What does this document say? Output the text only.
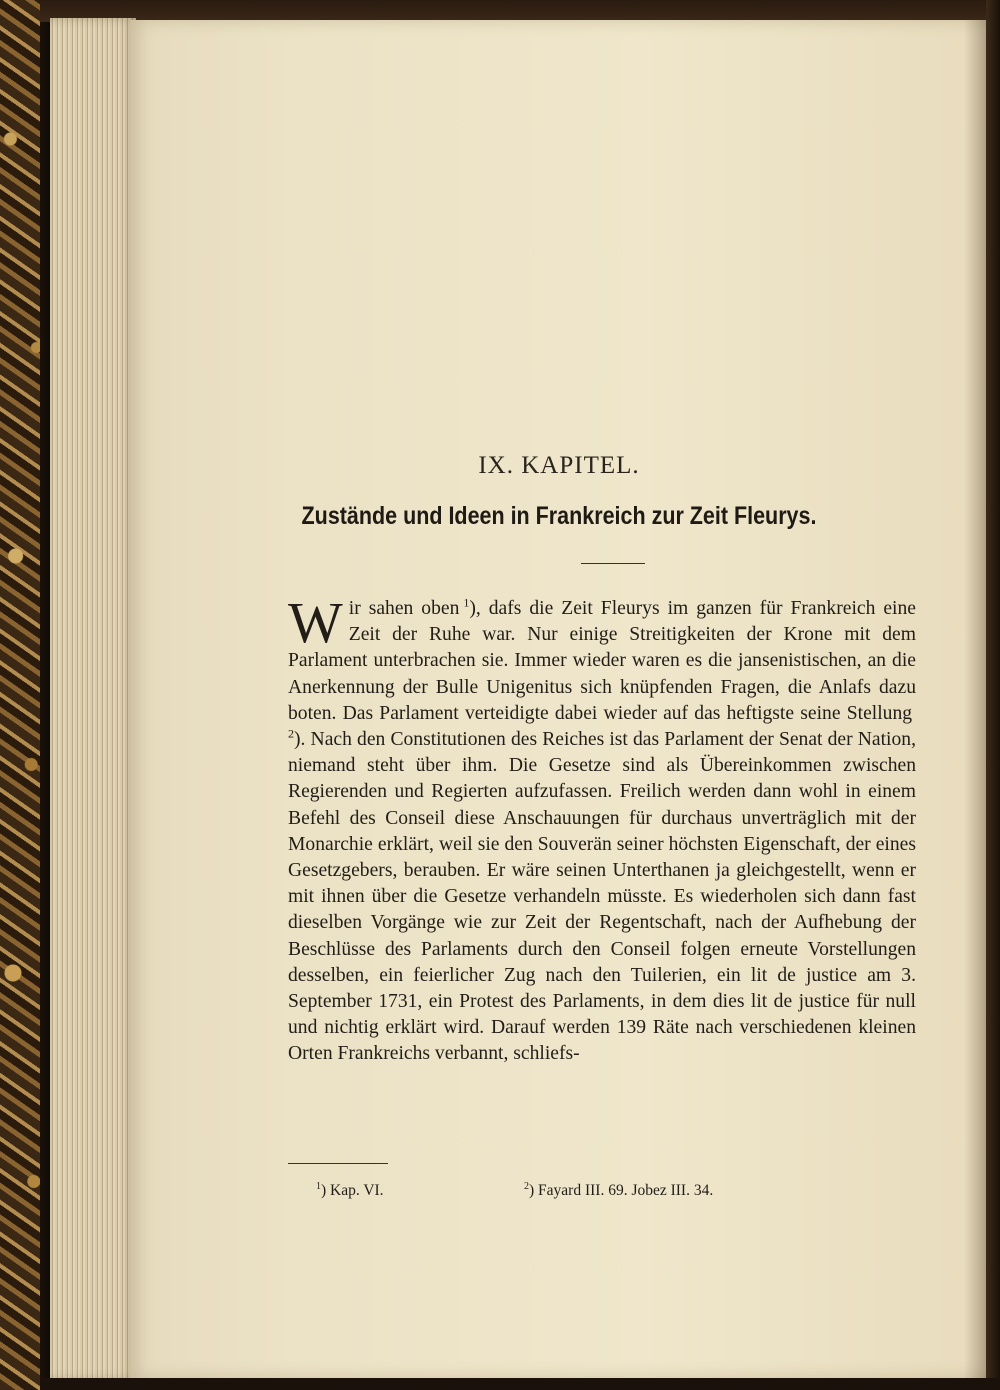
IX. KAPITEL.
Zustände und Ideen in Frankreich zur Zeit Fleurys.
Wir sahen oben  $^1$), dafs die Zeit Fleurys im ganzen für Frankreich eine Zeit der Ruhe war. Nur einige Streitigkeiten der Krone mit dem Parlament unterbrachen sie. Immer wieder waren es die jansenistischen, an die Anerkennung der Bulle Unigenitus sich knüpfenden Fragen, die Anlafs dazu boten. Das Parlament verteidigte dabei wieder auf das heftigste seine Stellung $^2$). Nach den Constitutionen des Reiches ist das Parlament der Senat der Nation, niemand steht über ihm. Die Gesetze sind als Übereinkommen zwischen Regierenden und Regierten aufzufassen. Freilich werden dann wohl in einem Befehl des Conseil diese Anschauungen für durchaus unverträglich mit der Monarchie erklärt, weil sie den Souverän seiner höchsten Eigenschaft, der eines Gesetzgebers, berauben. Er wäre seinen Unterthanen ja gleichgestellt, wenn er mit ihnen über die Gesetze verhandeln müsste. Es wiederholen sich dann fast dieselben Vorgänge wie zur Zeit der Regentschaft, nach der Aufhebung der Beschlüsse des Parlaments durch den Conseil folgen erneute Vorstellungen desselben, ein feierlicher Zug nach den Tuilerien, ein lit de justice am 3. September 1731, ein Protest des Parlaments, in dem dies lit de justice für null und nichtig erklärt wird. Darauf werden 139 Räte nach verschiedenen kleinen Orten Frankreichs verbannt, schliefs-
$^1$) Kap. VI.	$^2$) Fayard III. 69. Jobez III. 34.
